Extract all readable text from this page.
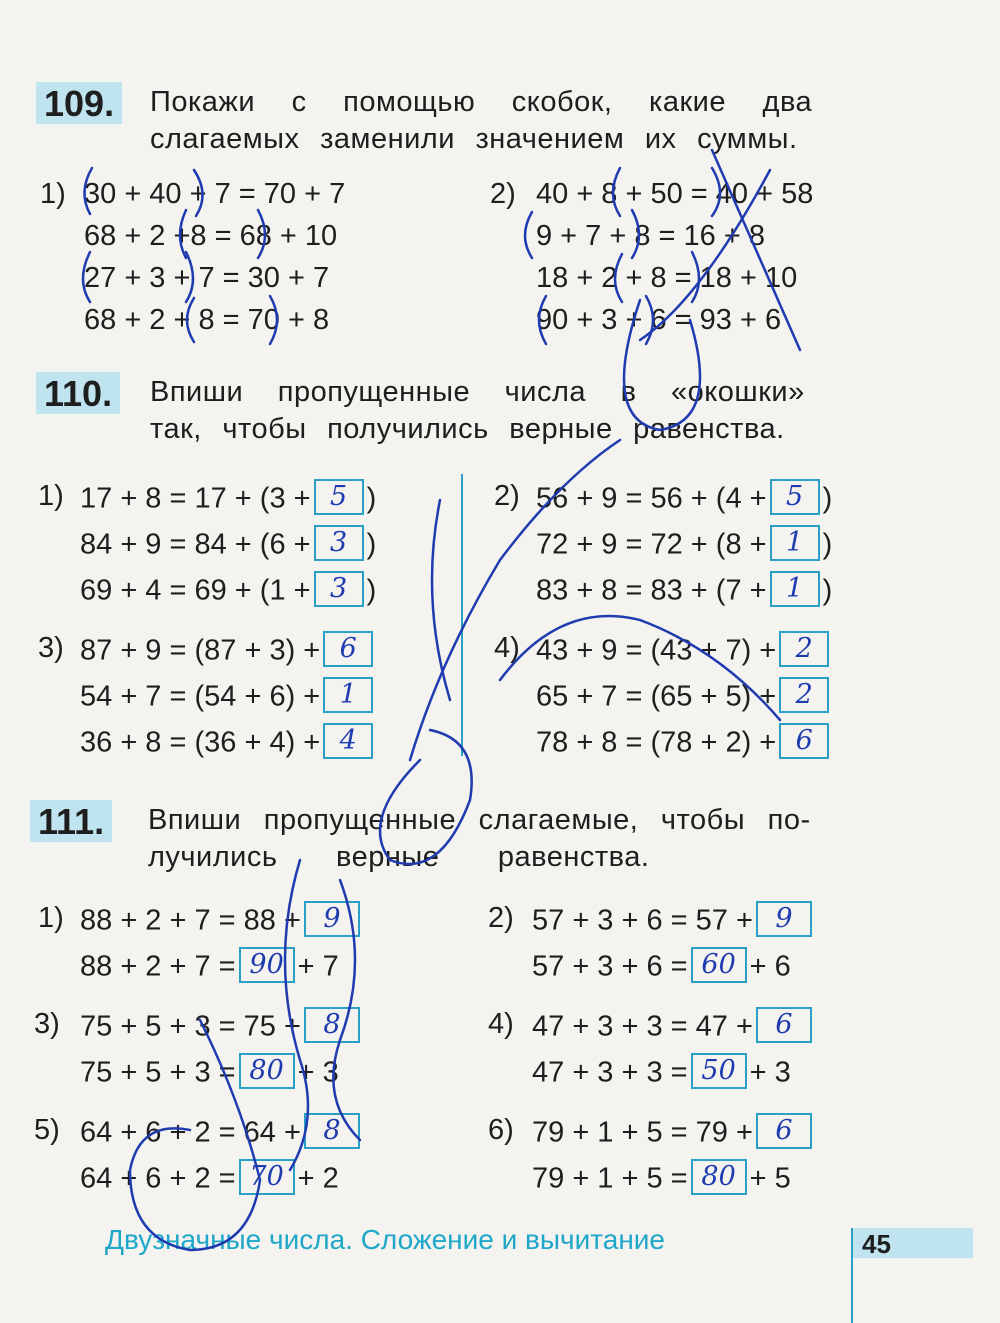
109. Покажи с помощью скобок, какие два
слагаемых заменили значением их суммы.
1) 30 + 40 + 7 = 70 + 7
68 + 2 +8 = 68 + 10
27 + 3 + 7 = 30 + 7
68 + 2 + 8 = 70 + 8
2) 40 + 8 + 50 = 40 + 58
9 + 7 + 8 = 16 + 8
18 + 2 + 8 = 18 + 10
90 + 3 + 6 = 93 + 6
110. Впиши пропущенные числа в «окошки»
так, чтобы получились верные равенства.
1) 17 + 8 = 17 + (3 + 5 )
84 + 9 = 84 + (6 + 3 )
69 + 4 = 69 + (1 + 3 )
2) 56 + 9 = 56 + (4 + 5 )
72 + 9 = 72 + (8 + 1 )
83 + 8 = 83 + (7 + 1 )
3) 87 + 9 = (87 + 3) + 6
54 + 7 = (54 + 6) + 1
36 + 8 = (36 + 4) + 4
4) 43 + 9 = (43 + 7) + 2
65 + 7 = (65 + 5) + 2
78 + 8 = (78 + 2) + 6
111. Впиши пропущенные слагаемые, чтобы по-
лучились верные равенства.
1) 88 + 2 + 7 = 88 + 9
88 + 2 + 7 = 90 + 7
2) 57 + 3 + 6 = 57 + 9
57 + 3 + 6 = 60 + 6
3) 75 + 5 + 3 = 75 + 8
75 + 5 + 3 = 80 + 3
4) 47 + 3 + 3 = 47 + 6
47 + 3 + 3 = 50 + 3
5) 64 + 6 + 2 = 64 + 8
64 + 6 + 2 = 70 + 2
6) 79 + 1 + 5 = 79 + 6
79 + 1 + 5 = 80 + 5
Двузначные числа. Сложение и вычитание	45
